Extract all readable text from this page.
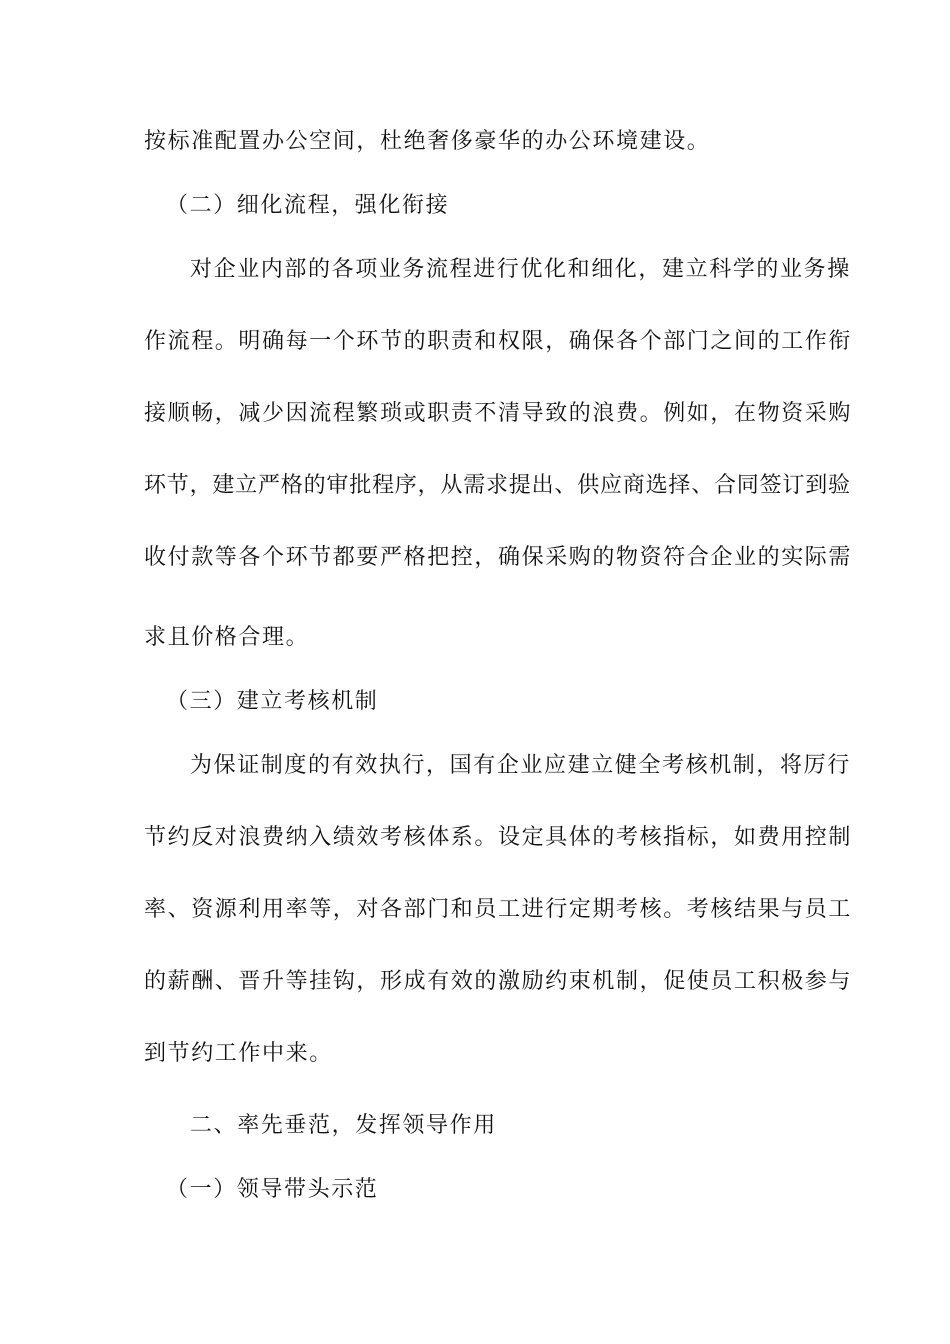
按标准配置办公空间，杜绝奢侈豪华的办公环境建设。
（二）细化流程，强化衔接
对企业内部的各项业务流程进行优化和细化，建立科学的业务操
作流程。明确每一个环节的职责和权限，确保各个部门之间的工作衔
接顺畅，减少因流程繁琐或职责不清导致的浪费。例如，在物资采购
环节，建立严格的审批程序，从需求提出、供应商选择、合同签订到验
收付款等各个环节都要严格把控，确保采购的物资符合企业的实际需
求且价格合理。
（三）建立考核机制
为保证制度的有效执行，国有企业应建立健全考核机制，将厉行
节约反对浪费纳入绩效考核体系。设定具体的考核指标，如费用控制
率、资源利用率等，对各部门和员工进行定期考核。考核结果与员工
的薪酬、晋升等挂钩，形成有效的激励约束机制，促使员工积极参与
到节约工作中来。
二、率先垂范，发挥领导作用
（一）领导带头示范
